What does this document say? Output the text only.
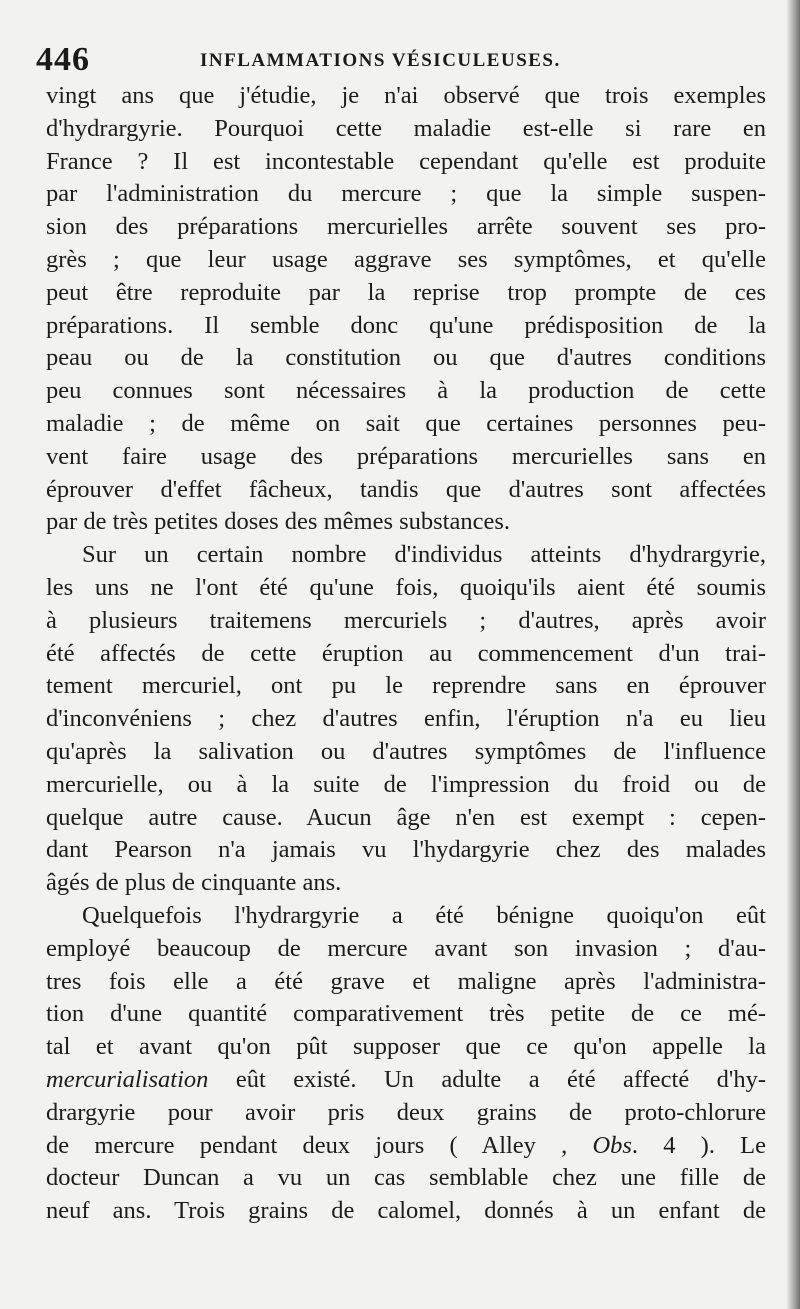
446	INFLAMMATIONS VÉSICULEUSES.

vingt ans que j'étudie, je n'ai observé que trois exemples
d'hydrargyrie. Pourquoi cette maladie est-elle si rare en
France ? Il est incontestable cependant qu'elle est produite
par l'administration du mercure ; que la simple suspen-
sion des préparations mercurielles arrête souvent ses pro-
grès ; que leur usage aggrave ses symptômes, et qu'elle
peut être reproduite par la reprise trop prompte de ces
préparations. Il semble donc qu'une prédisposition de la
peau ou de la constitution ou que d'autres conditions
peu connues sont nécessaires à la production de cette
maladie ; de même on sait que certaines personnes peu-
vent faire usage des préparations mercurielles sans en
éprouver d'effet fâcheux, tandis que d'autres sont affectées
par de très petites doses des mêmes substances.

Sur un certain nombre d'individus atteints d'hydrargyrie,
les uns ne l'ont été qu'une fois, quoiqu'ils aient été soumis
à plusieurs traitemens mercuriels ; d'autres, après avoir
été affectés de cette éruption au commencement d'un trai-
tement mercuriel, ont pu le reprendre sans en éprouver
d'inconvéniens ; chez d'autres enfin, l'éruption n'a eu lieu
qu'après la salivation ou d'autres symptômes de l'influence
mercurielle, ou à la suite de l'impression du froid ou de
quelque autre cause. Aucun âge n'en est exempt : cepen-
dant Pearson n'a jamais vu l'hydargyrie chez des malades
âgés de plus de cinquante ans.

Quelquefois l'hydrargyrie a été bénigne quoiqu'on eût
employé beaucoup de mercure avant son invasion ; d'au-
tres fois elle a été grave et maligne après l'administra-
tion d'une quantité comparativement très petite de ce mé-
tal et avant qu'on pût supposer que ce qu'on appelle la
mercurialisation eût existé. Un adulte a été affecté d'hy-
drargyrie pour avoir pris deux grains de proto-chlorure
de mercure pendant deux jours ( Alley , Obs. 4 ). Le
docteur Duncan a vu un cas semblable chez une fille de
neuf ans. Trois grains de calomel, donnés à un enfant de
